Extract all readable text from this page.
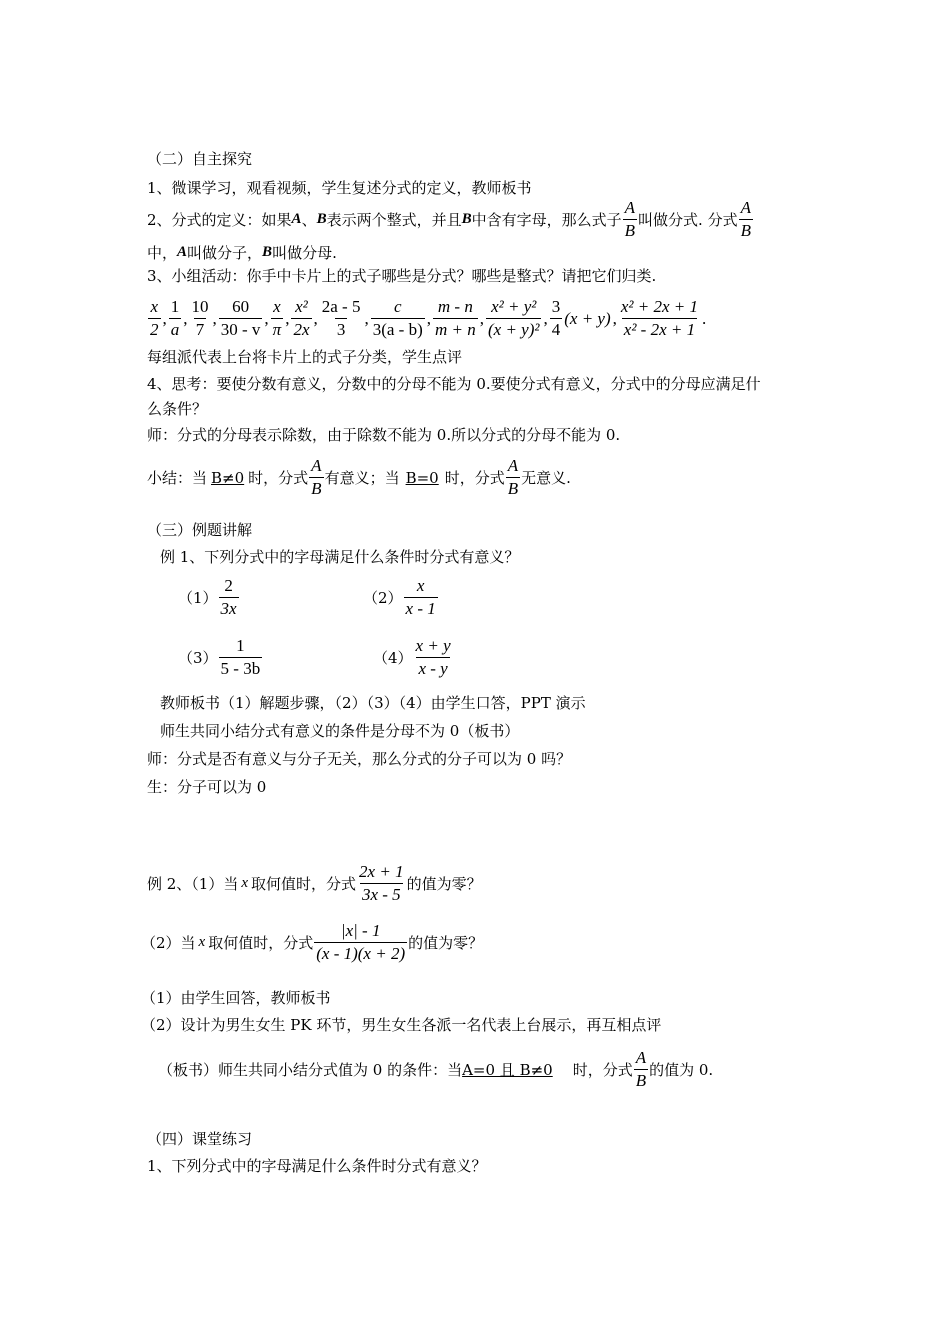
（二）自主探究
1、微课学习，观看视频，学生复述分式的定义，教师板书
2、分式的定义：如果 A 、 B 表示两个整式，并且 B 中含有字母，那么式子 $\frac{A}{B}$ 叫做分式. 分式 $\frac{A}{B}$
中， A 叫做分子， B 叫做分母.
3、小组活动：你手中卡片上的式子哪些是分式？哪些是整式？请把它们归类.
$\frac{x}{2}$ , $\frac{1}{a}$ , $\frac{10}{7}$ , $\frac{60}{30 - v}$ , $\frac{x}{\pi}$ , $\frac{\text{x²}}{2x}$ , $\frac{2a - 5}{3}$ , $\frac{c}{3(a - b)}$ , $\frac{m - n}{m + n}$ , $\frac{\text{x² + y²}}{\text{(x + y)²}}$ , $\frac{3}{4} (x + y)$ , $\frac{\text{x² + 2x + 1}}{\text{x² - 2x + 1}}$ .
每组派代表上台将卡片上的式子分类，学生点评
4、思考：要使分数有意义，分数中的分母不能为 0.要使分式有意义，分式中的分母应满足什
么条件？
师：分式的分母表示除数，由于除数不能为 0.所以分式的分母不能为 0.
小结：当 B≠0 时，分式 $\frac{A}{B}$ 有意义；当 B=0 时，分式 $\frac{A}{B}$ 无意义.
（三）例题讲解
例 1、下列分式中的字母满足什么条件时分式有意义？
$(1) \frac{2}{3x}$	$(2) \frac{x}{x - 1}$
$(3) \frac{1}{5 - 3b}$	$(4) \frac{x + y}{x - y}$
教师板书（1）解题步骤，（2）（3）（4）由学生口答，PPT 演示
师生共同小结分式有意义的条件是分母不为 0（板书）
师：分式是否有意义与分子无关，那么分式的分子可以为 0 吗？
生：分子可以为 0
例 2、（1）当 x 取何值时，分式 $\frac{2x + 1}{3x - 5}$ 的值为零？
（2）当 x 取何值时，分式 $\frac{|x| - 1}{(x - 1)(x + 2)}$ 的值为零？
（1）由学生回答，教师板书
（2）设计为男生女生 PK 环节，男生女生各派一名代表上台展示，再互相点评
（板书）师生共同小结分式值为 0 的条件：当 A=0 且 B≠0	时，分式 $\frac{A}{B}$ 的值为 0.
（四）课堂练习
1、下列分式中的字母满足什么条件时分式有意义？
